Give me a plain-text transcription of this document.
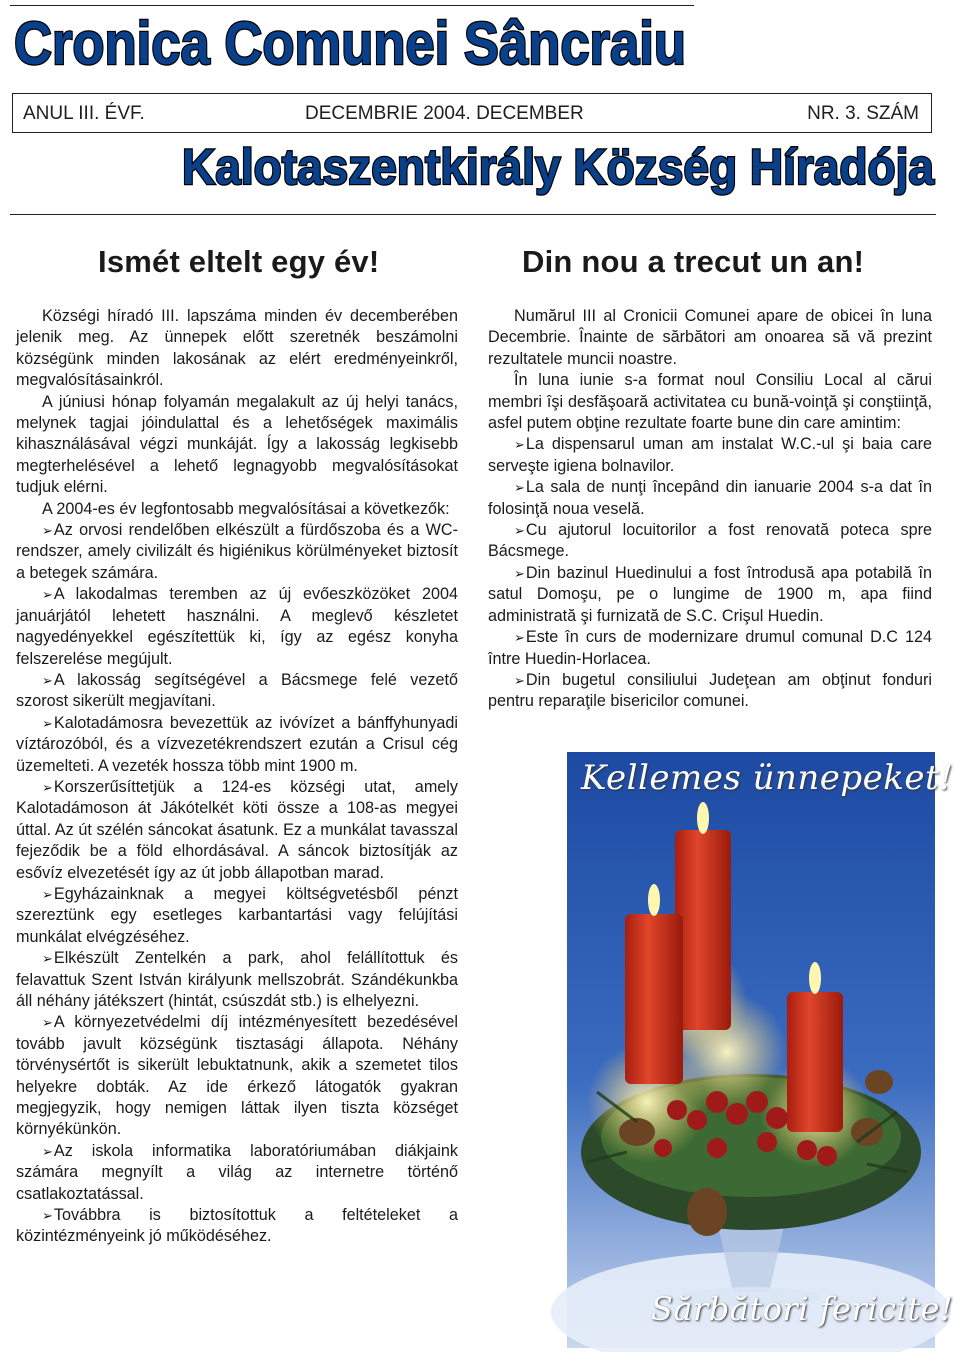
Cronica Comunei Sâncraiu
ANUL III. ÉVF.	DECEMBRIE 2004. DECEMBER	NR. 3. SZÁM
Kalotaszentkirály Község Híradója
Ismét eltelt egy év!	Din nou a trecut un an!

Községi híradó III. lapszáma minden év decemberében jelenik meg. Az ünnepek előtt szeretnék beszámolni községünk minden lakosának az elért eredményeinkről, megvalósításainkról.

A júniusi hónap folyamán megalakult az új helyi tanács, melynek tagjai jóindulattal és a lehetőségek maximális kihasználásával végzi munkáját. Így a lakosság legkisebb megterhelésével a lehető legnagyobb megvalósításokat tudjuk elérni.

A 2004-es év legfontosabb megvalósításai a következők:

➢ Az orvosi rendelőben elkészült a fürdőszoba és a WC-rendszer, amely civilizált és higiénikus körülményeket biztosít a betegek számára.

➢ A lakodalmas teremben az új evőeszközöket 2004 januárjától lehetett használni. A meglevő készletet nagyedényekkel egészítettük ki, így az egész konyha felszerelése megújult.

➢ A lakosság segítségével a Bácsmege felé vezető szorost sikerült megjavítani.

➢ Kalotadámosra bevezettük az ivóvízet a bánffyhunyadi víztározóból, és a vízvezetékrendszert ezután a Crisul cég üzemelteti. A vezeték hossza több mint 1900 m.

➢ Korszerűsíttetjük a 124-es községi utat, amely Kalotadámoson át Jákótelkét köti össze a 108-as megyei úttal. Az út szélén sáncokat ásatunk. Ez a munkálat tavasszal fejeződik be a föld elhordásával. A sáncok biztosítják az esővíz elvezetését így az út jobb állapotban marad.

➢ Egyházainknak a megyei költségvetésből pénzt szereztünk egy esetleges karbantartási vagy felújítási munkálat elvégzéséhez.

➢ Elkészült Zentelkén a park, ahol felállítottuk és felavattuk Szent István királyunk mellszobrát. Szándékunkba áll néhány játékszert (hintát, csúszdát stb.) is elhelyezni.

➢ A környezetvédelmi díj intézményesített bezedésével tovább javult községünk tisztasági állapota. Néhány törvénysértőt is sikerült lebuktatnunk, akik a szemetet tilos helyekre dobták. Az ide érkező látogatók gyakran megjegyzik, hogy nemigen láttak ilyen tiszta községet környékünkön.

➢ Az iskola informatika laboratóriumában diákjaink számára megnyílt a világ az internetre történő csatlakoztatással.

➢ Továbbra is biztosítottuk a feltételeket a közintézményeink jó működéséhez.

Numărul III al Cronicii Comunei apare de obicei în luna Decembrie. Înainte de sărbători am onoarea să vă prezint rezultatele muncii noastre.

În luna iunie s-a format noul Consiliu Local al cărui membri îşi desfăşoară activitatea cu bună-voinţă şi conştiinţă, asfel putem obţine rezultate foarte bune din care amintim:

➢ La dispensarul uman am instalat W.C.-ul şi baia care serveşte igiena bolnavilor.

➢ La sala de nunţi începând din ianuarie 2004 s-a dat în folosinţă noua veselă.

➢ Cu ajutorul locuitorilor a fost renovată poteca spre Bácsmege.

➢ Din bazinul Huedinului a fost întrodusă apa potabilă în satul Domoşu, pe o lungime de 1900 m, apa fiind administrată şi furnizată de S.C. Crişul Huedin.

➢ Este în curs de modernizare drumul comunal D.C 124 între Huedin-Horlacea.

➢ Din bugetul consiliului Judeţean am obţinut fonduri pentru reparaţile bisericilor comunei.

Kellemes ünnepeket!
Sărbători fericite!
